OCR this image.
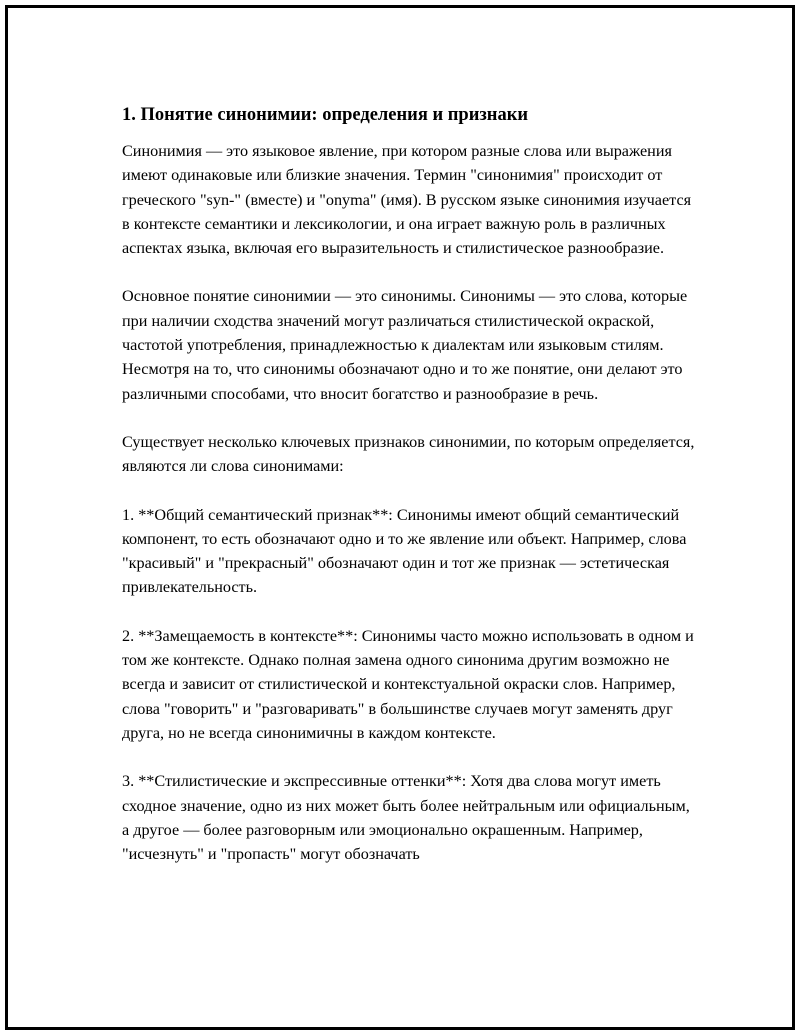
1. Понятие синонимии: определения и признаки

Синонимия — это языковое явление, при котором разные слова или выражения имеют одинаковые или близкие значения. Термин "синонимия" происходит от греческого "syn-" (вместе) и "onyma" (имя). В русском языке синонимия изучается в контексте семантики и лексикологии, и она играет важную роль в различных аспектах языка, включая его выразительность и стилистическое разнообразие.

Основное понятие синонимии — это синонимы. Синонимы — это слова, которые при наличии сходства значений могут различаться стилистической окраской, частотой употребления, принадлежностью к диалектам или языковым стилям. Несмотря на то, что синонимы обозначают одно и то же понятие, они делают это различными способами, что вносит богатство и разнообразие в речь.

Существует несколько ключевых признаков синонимии, по которым определяется, являются ли слова синонимами:

1. **Общий семантический признак**: Синонимы имеют общий семантический компонент, то есть обозначают одно и то же явление или объект. Например, слова "красивый" и "прекрасный" обозначают один и тот же признак — эстетическая привлекательность.

2. **Замещаемость в контексте**: Синонимы часто можно использовать в одном и том же контексте. Однако полная замена одного синонима другим возможно не всегда и зависит от стилистической и контекстуальной окраски слов. Например, слова "говорить" и "разговаривать" в большинстве случаев могут заменять друг друга, но не всегда синонимичны в каждом контексте.

3. **Стилистические и экспрессивные оттенки**: Хотя два слова могут иметь сходное значение, одно из них может быть более нейтральным или официальным, а другое — более разговорным или эмоционально окрашенным. Например, "исчезнуть" и "пропасть" могут обозначать
